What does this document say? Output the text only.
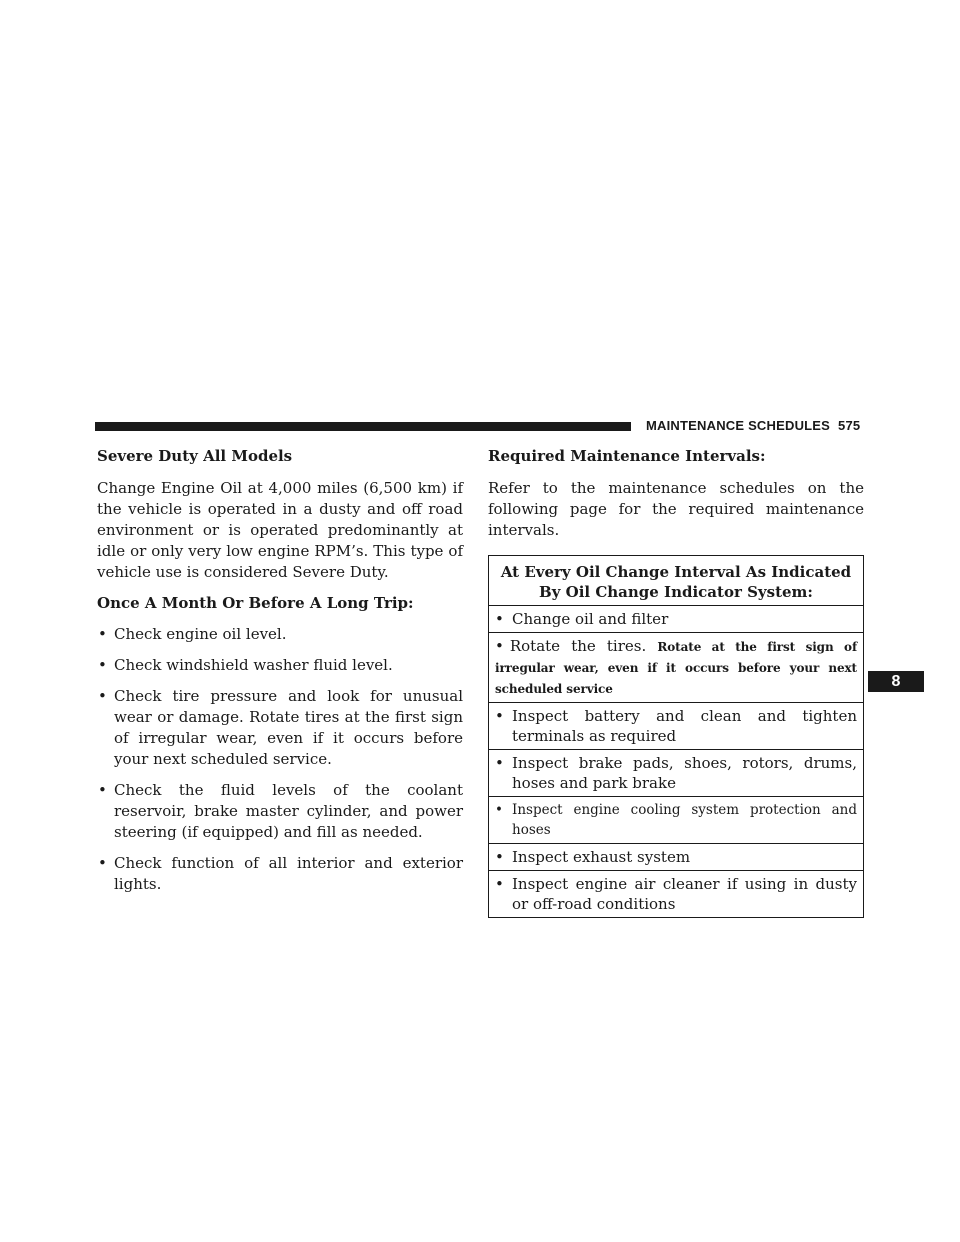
MAINTENANCE SCHEDULES 575
8
Severe Duty All Models

Change Engine Oil at 4,000 miles (6,500 km) if the vehicle is operated in a dusty and off road environment or is operated predominantly at idle or only very low engine RPM’s. This type of vehicle use is considered Severe Duty.

Once A Month Or Before A Long Trip:
• Check engine oil level.
• Check windshield washer fluid level.
• Check tire pressure and look for unusual wear or damage. Rotate tires at the first sign of irregular wear, even if it occurs before your next scheduled service.
• Check the fluid levels of the coolant reservoir, brake master cylinder, and power steering (if equipped) and fill as needed.
• Check function of all interior and exterior lights.
Required Maintenance Intervals:

Refer to the maintenance schedules on the following page for the required maintenance intervals.

At Every Oil Change Interval As Indicated By Oil Change Indicator System:

• Change oil and filter

• Rotate the tires. Rotate at the first sign of irregular wear, even if it occurs before your next scheduled service

• Inspect battery and clean and tighten terminals as required

• Inspect brake pads, shoes, rotors, drums, hoses and park brake

• Inspect engine cooling system protection and hoses

• Inspect exhaust system

• Inspect engine air cleaner if using in dusty or off-road conditions
